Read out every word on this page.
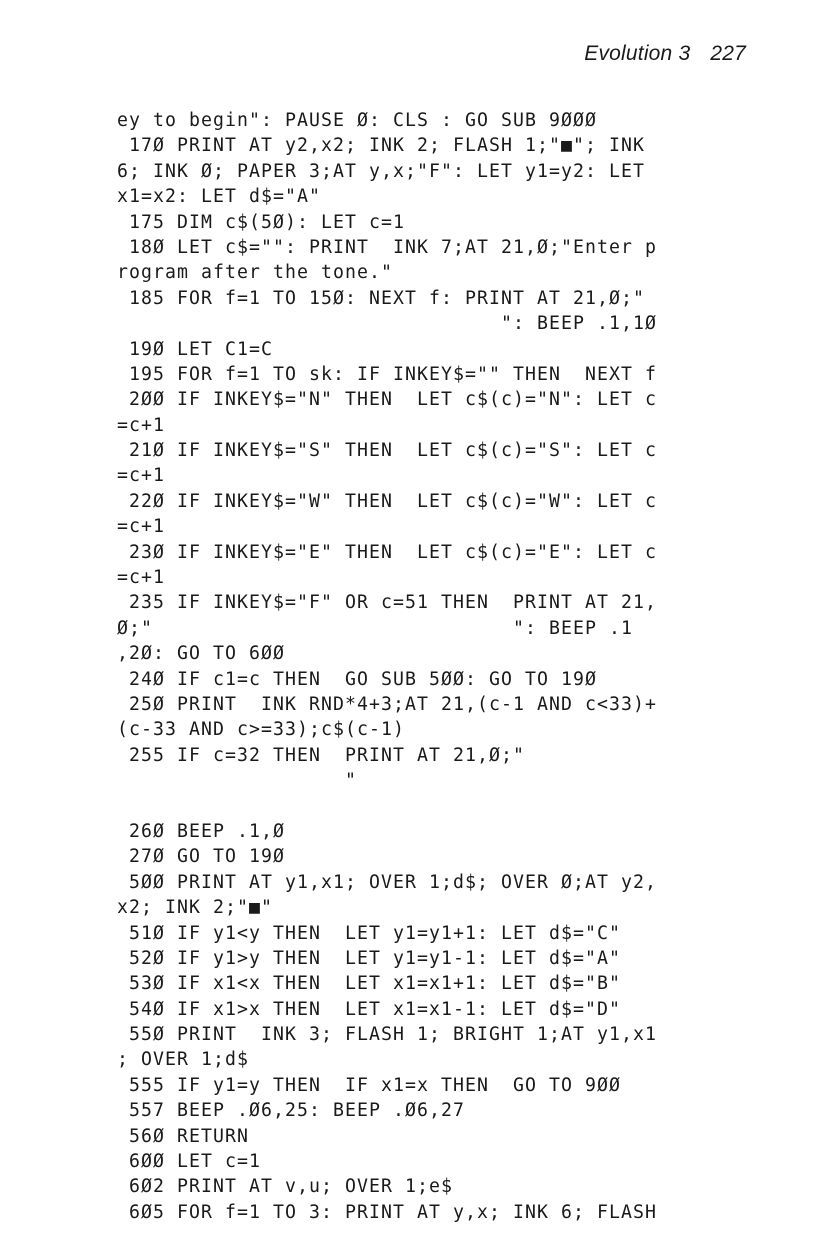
Evolution 3 227
ey to begin": PAUSE Ø: CLS : GO SUB 9ØØØ
17Ø PRINT AT y2,x2; INK 2; FLASH 1;"■"; INK
6; INK Ø; PAPER 3;AT y,x;"F": LET y1=y2: LET
x1=x2: LET d$="A"
175 DIM c$(5Ø): LET c=1
18Ø LET c$="": PRINT  INK 7;AT 21,Ø;"Enter p
rogram after the tone."
185 FOR f=1 TO 15Ø: NEXT f: PRINT AT 21,Ø;"
": BEEP .1,1Ø
19Ø LET C1=C
195 FOR f=1 TO sk: IF INKEY$="" THEN  NEXT f
2ØØ IF INKEY$="N" THEN  LET c$(c)="N": LET c
=c+1
21Ø IF INKEY$="S" THEN  LET c$(c)="S": LET c
=c+1
22Ø IF INKEY$="W" THEN  LET c$(c)="W": LET c
=c+1
23Ø IF INKEY$="E" THEN  LET c$(c)="E": LET c
=c+1
235 IF INKEY$="F" OR c=51 THEN  PRINT AT 21,
Ø;"                              ": BEEP .1
,2Ø: GO TO 6ØØ
24Ø IF c1=c THEN  GO SUB 5ØØ: GO TO 19Ø
25Ø PRINT  INK RND*4+3;AT 21,(c-1 AND c<33)+
(c-33 AND c>=33);c$(c-1)
255 IF c=32 THEN  PRINT AT 21,Ø;"
"
26Ø BEEP .1,Ø
27Ø GO TO 19Ø
5ØØ PRINT AT y1,x1; OVER 1;d$; OVER Ø;AT y2,
x2; INK 2;"■"
51Ø IF y1<y THEN  LET y1=y1+1: LET d$="C"
52Ø IF y1>y THEN  LET y1=y1-1: LET d$="A"
53Ø IF x1<x THEN  LET x1=x1+1: LET d$="B"
54Ø IF x1>x THEN  LET x1=x1-1: LET d$="D"
55Ø PRINT  INK 3; FLASH 1; BRIGHT 1;AT y1,x1
; OVER 1;d$
555 IF y1=y THEN  IF x1=x THEN  GO TO 9ØØ
557 BEEP .Ø6,25: BEEP .Ø6,27
56Ø RETURN
6ØØ LET c=1
6Ø2 PRINT AT v,u; OVER 1;e$
6Ø5 FOR f=1 TO 3: PRINT AT y,x; INK 6; FLASH
